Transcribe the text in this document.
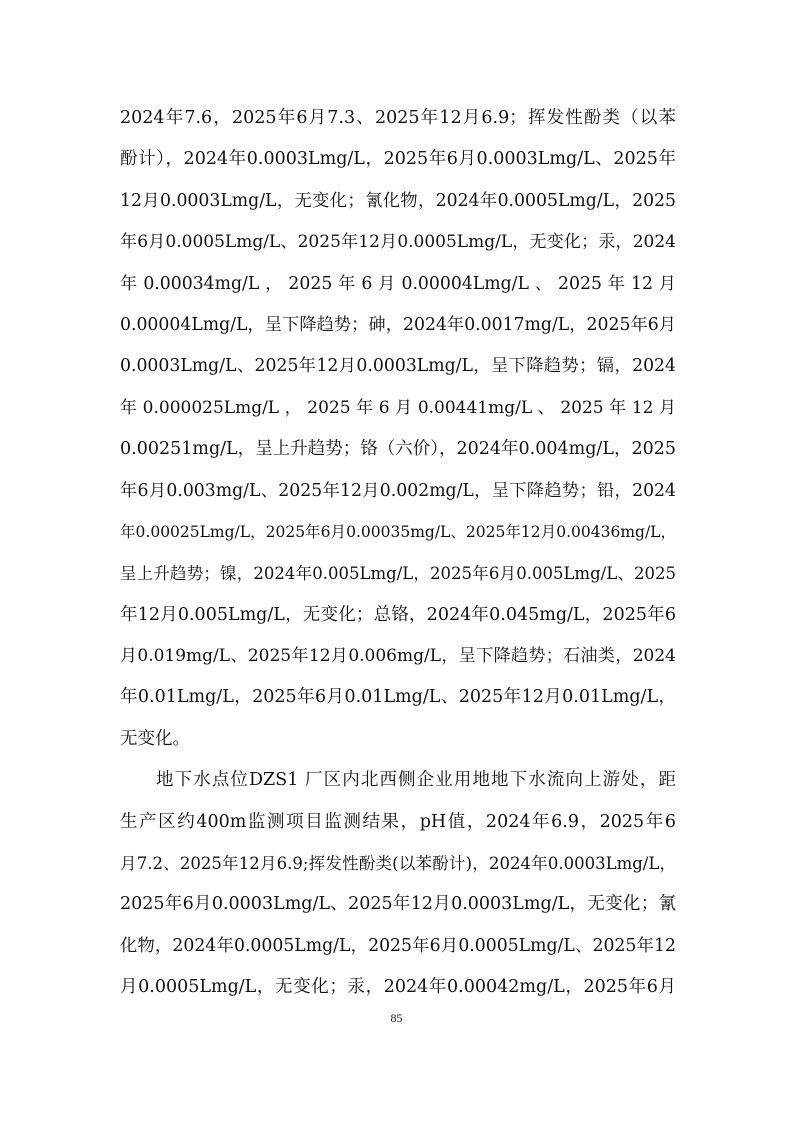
2024年7.6，2025年6月7.3、2025年12月6.9；挥发性酚类（以苯
酚计），2024年0.0003Lmg/L，2025年6月0.0003Lmg/L、2025年
12月0.0003Lmg/L，无变化；氰化物，2024年0.0005Lmg/L，2025
年6月0.0005Lmg/L、2025年12月0.0005Lmg/L，无变化；汞，2024
年 0.00034mg/L ， 2025 年 6 月 0.00004Lmg/L 、 2025 年 12 月
0.00004Lmg/L，呈下降趋势；砷，2024年0.0017mg/L，2025年6月
0.0003Lmg/L、2025年12月0.0003Lmg/L，呈下降趋势；镉，2024
年 0.000025Lmg/L ， 2025 年 6 月 0.00441mg/L 、 2025 年 12 月
0.00251mg/L，呈上升趋势；铬（六价），2024年0.004mg/L，2025
年6月0.003mg/L、2025年12月0.002mg/L，呈下降趋势；铅，2024
年0.00025Lmg/L，2025年6月0.00035mg/L、2025年12月0.00436mg/L，
呈上升趋势；镍，2024年0.005Lmg/L，2025年6月0.005Lmg/L、2025
年12月0.005Lmg/L，无变化；总铬，2024年0.045mg/L，2025年6
月0.019mg/L、2025年12月0.006mg/L，呈下降趋势；石油类，2024
年0.01Lmg/L，2025年6月0.01Lmg/L、2025年12月0.01Lmg/L，
无变化。
地下水点位DZS1 厂区内北西侧企业用地地下水流向上游处，距
生产区约400m监测项目监测结果，pH值，2024年6.9，2025年6
月7.2、2025年12月6.9;挥发性酚类(以苯酚计)，2024年0.0003Lmg/L，
2025年6月0.0003Lmg/L、2025年12月0.0003Lmg/L，无变化；氰
化物，2024年0.0005Lmg/L，2025年6月0.0005Lmg/L、2025年12
月0.0005Lmg/L，无变化；汞，2024年0.00042mg/L，2025年6月
85
